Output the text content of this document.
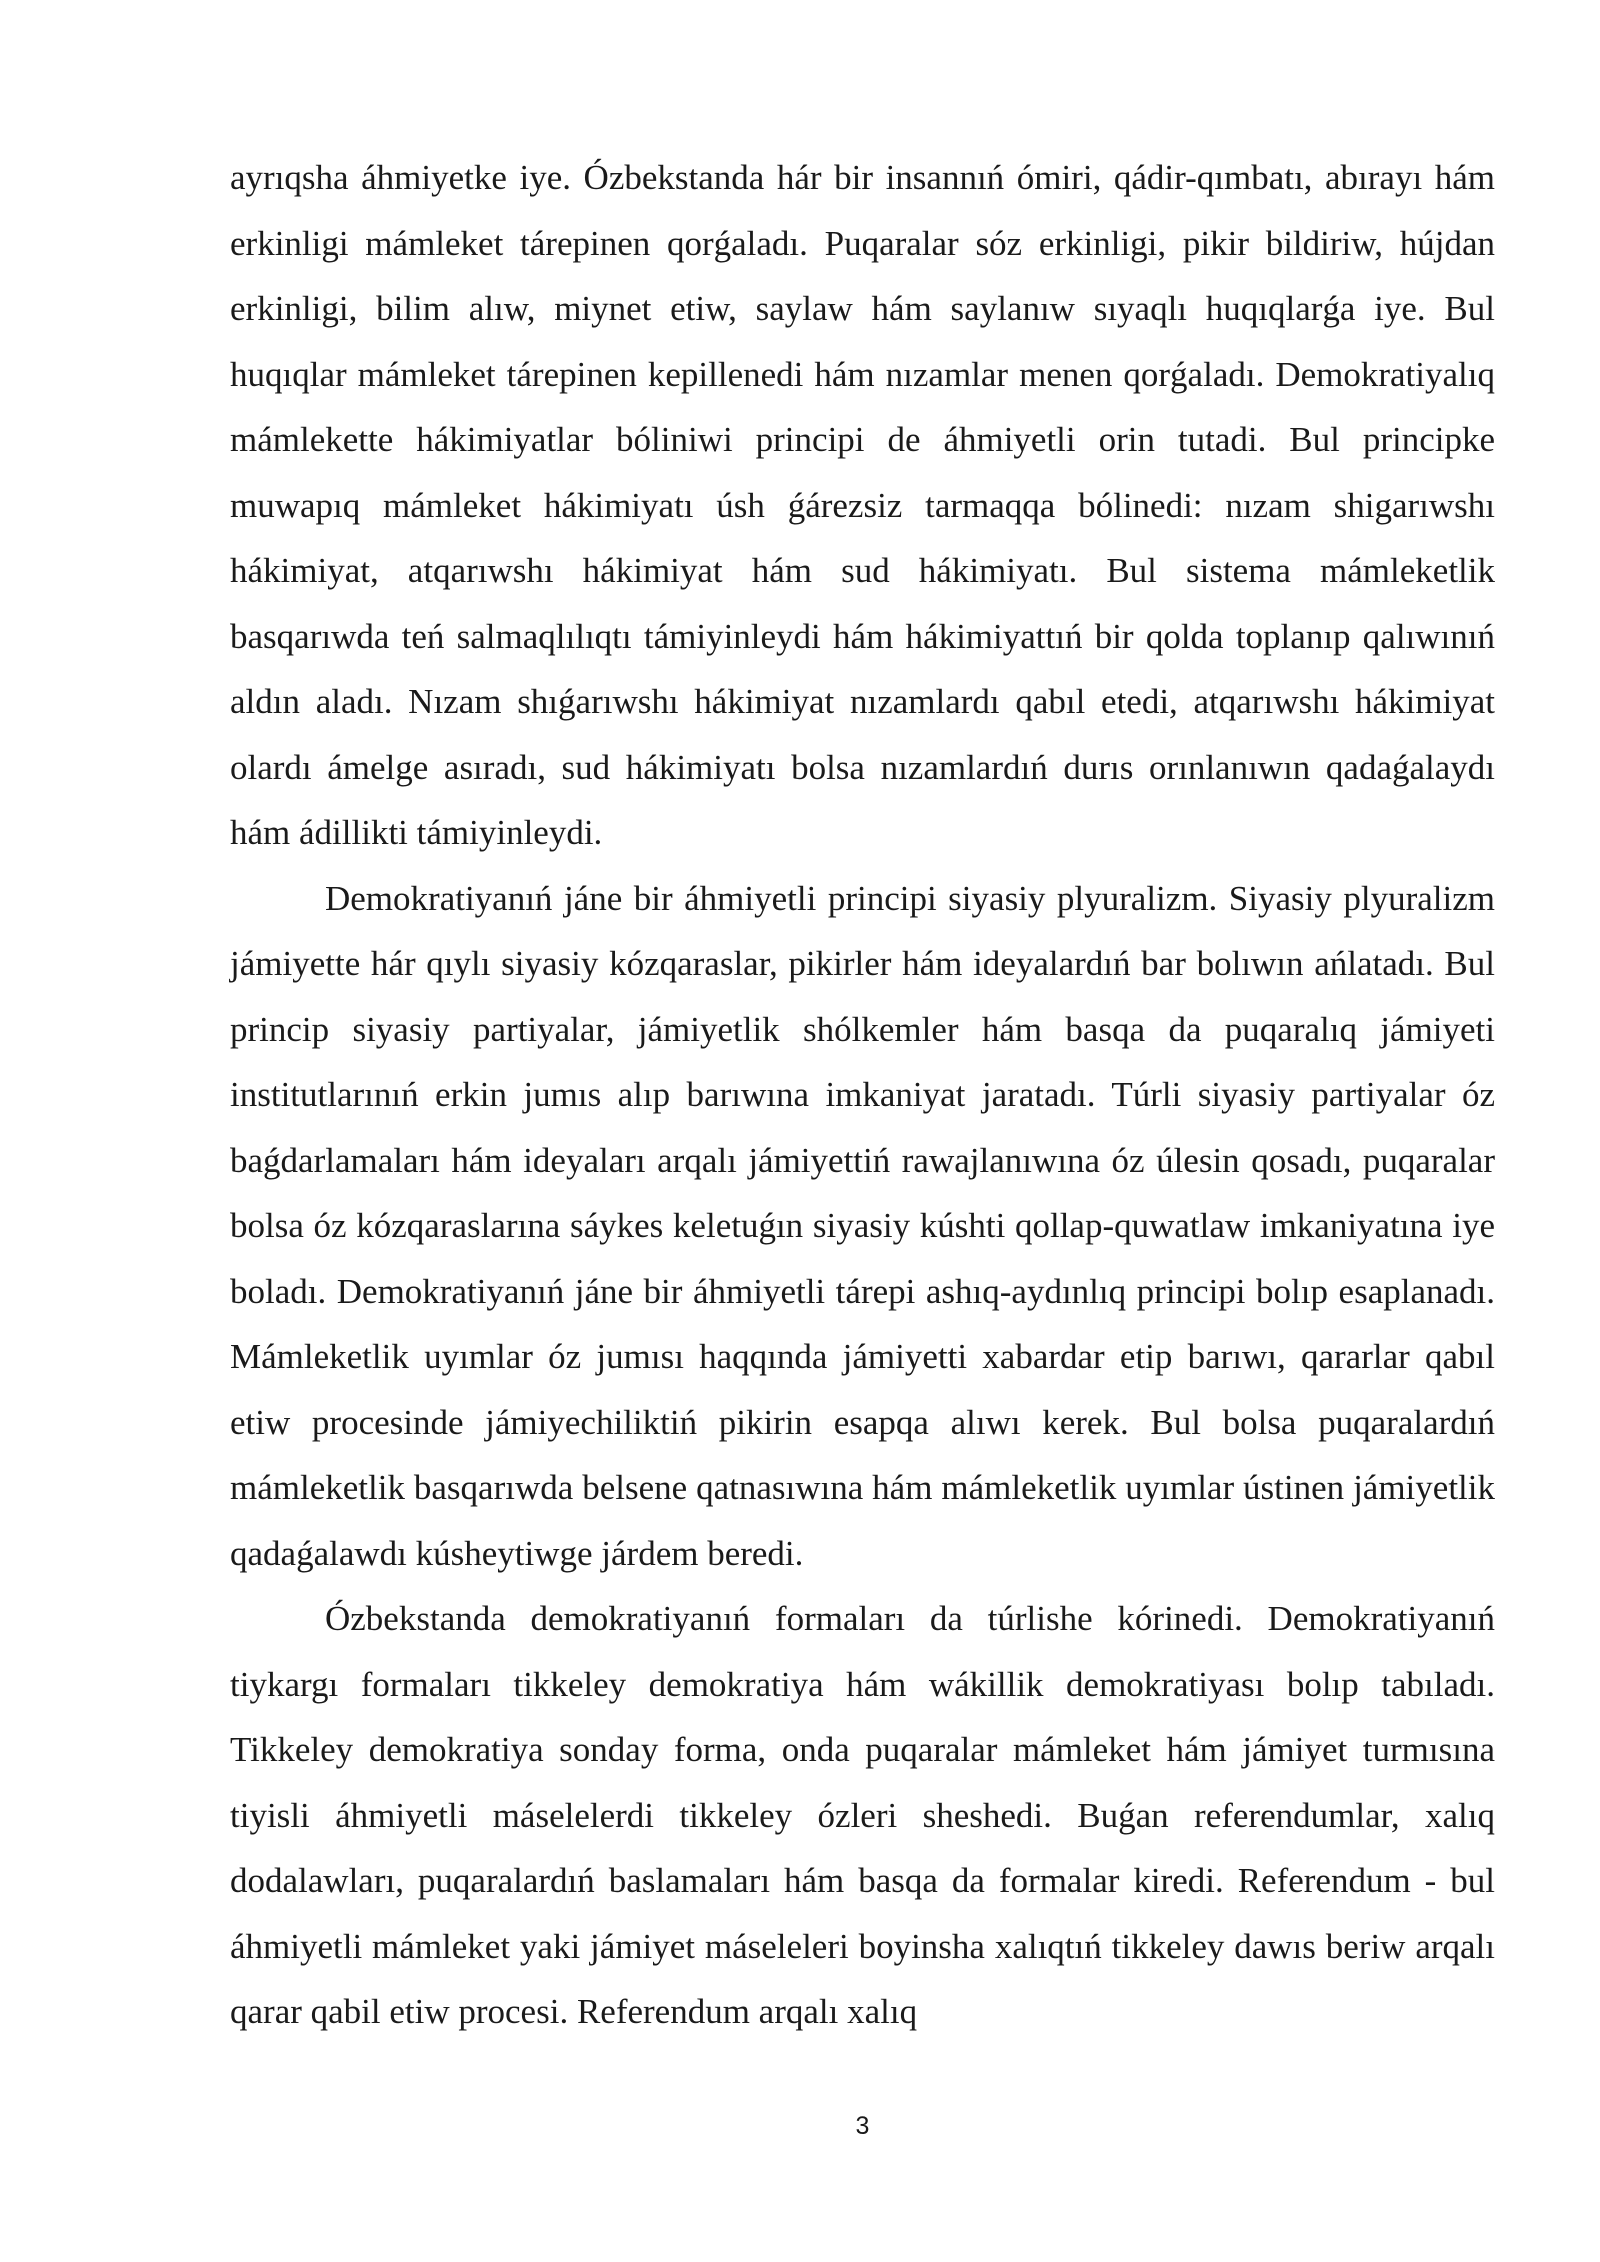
ayrıqsha áhmiyetke iye. Ózbekstanda hár bir insannıń ómiri, qádir-qımbatı, abırayı hám erkinligi mámleket tárepinen qorǵaladı. Puqaralar sóz erkinligi, pikir bildiriw, hújdan erkinligi, bilim alıw, miynet etiw, saylaw hám saylanıw sıyaqlı huqıqlarǵa iye. Bul huqıqlar mámleket tárepinen kepillenedi hám nızamlar menen qorǵaladı. Demokratiyalıq mámlekette hákimiyatlar bóliniwi principi de áhmiyetli orin tutadi. Bul principke muwapıq mámleket hákimiyatı úsh ǵárezsiz tarmaqqa bólinedi: nızam shigarıwshı hákimiyat, atqarıwshı hákimiyat hám sud hákimiyatı. Bul sistema mámleketlik basqarıwda teń salmaqlılıqtı támiyinleydi hám hákimiyattıń bir qolda toplanıp qalıwınıń aldın aladı. Nızam shıǵarıwshı hákimiyat nızamlardı qabıl etedi, atqarıwshı hákimiyat olardı ámelge asıradı, sud hákimiyatı bolsa nızamlardıń durıs orınlanıwın qadaǵalaydı hám ádillikti támiyinleydi.

Demokratiyanıń jáne bir áhmiyetli principi siyasiy plyuralizm. Siyasiy plyuralizm jámiyette hár qıylı siyasiy kózqaraslar, pikirler hám ideyalardıń bar bolıwın ańlatadı. Bul princip siyasiy partiyalar, jámiyetlik shólkemler hám basqa da puqaralıq jámiyeti institutlarınıń erkin jumıs alıp barıwına imkaniyat jaratadı. Túrli siyasiy partiyalar óz baǵdarlamaları hám ideyaları arqalı jámiyettiń rawajlanıwına óz úlesin qosadı, puqaralar bolsa óz kózqaraslarına sáykes keletuǵın siyasiy kúshti qollap-quwatlaw imkaniyatına iye boladı. Demokratiyanıń jáne bir áhmiyetli tárepi ashıq-aydınlıq principi bolıp esaplanadı. Mámleketlik uyımlar óz jumısı haqqında jámiyetti xabardar etip barıwı, qararlar qabıl etiw procesinde jámiyechiliktiń pikirin esapqa alıwı kerek. Bul bolsa puqaralardıń mámleketlik basqarıwda belsene qatnasıwına hám mámleketlik uyımlar ústinen jámiyetlik qadaǵalawdı kúsheytiwge járdem beredi.

Ózbekstanda demokratiyanıń formaları da túrlishe kórinedi. Demokratiyanıń tiykargı formaları tikkeley demokratiya hám wákillik demokratiyası bolıp tabıladı. Tikkeley demokratiya sonday forma, onda puqaralar mámleket hám jámiyet turmısına tiyisli áhmiyetli máselelerdi tikkeley ózleri sheshedi. Buǵan referendumlar, xalıq dodalawları, puqaralardıń baslamaları hám basqa da formalar kiredi. Referendum - bul áhmiyetli mámleket yaki jámiyet máseleleri boyinsha xalıqtıń tikkeley dawıs beriw arqalı qarar qabil etiw procesi. Referendum arqalı xalıq

3
